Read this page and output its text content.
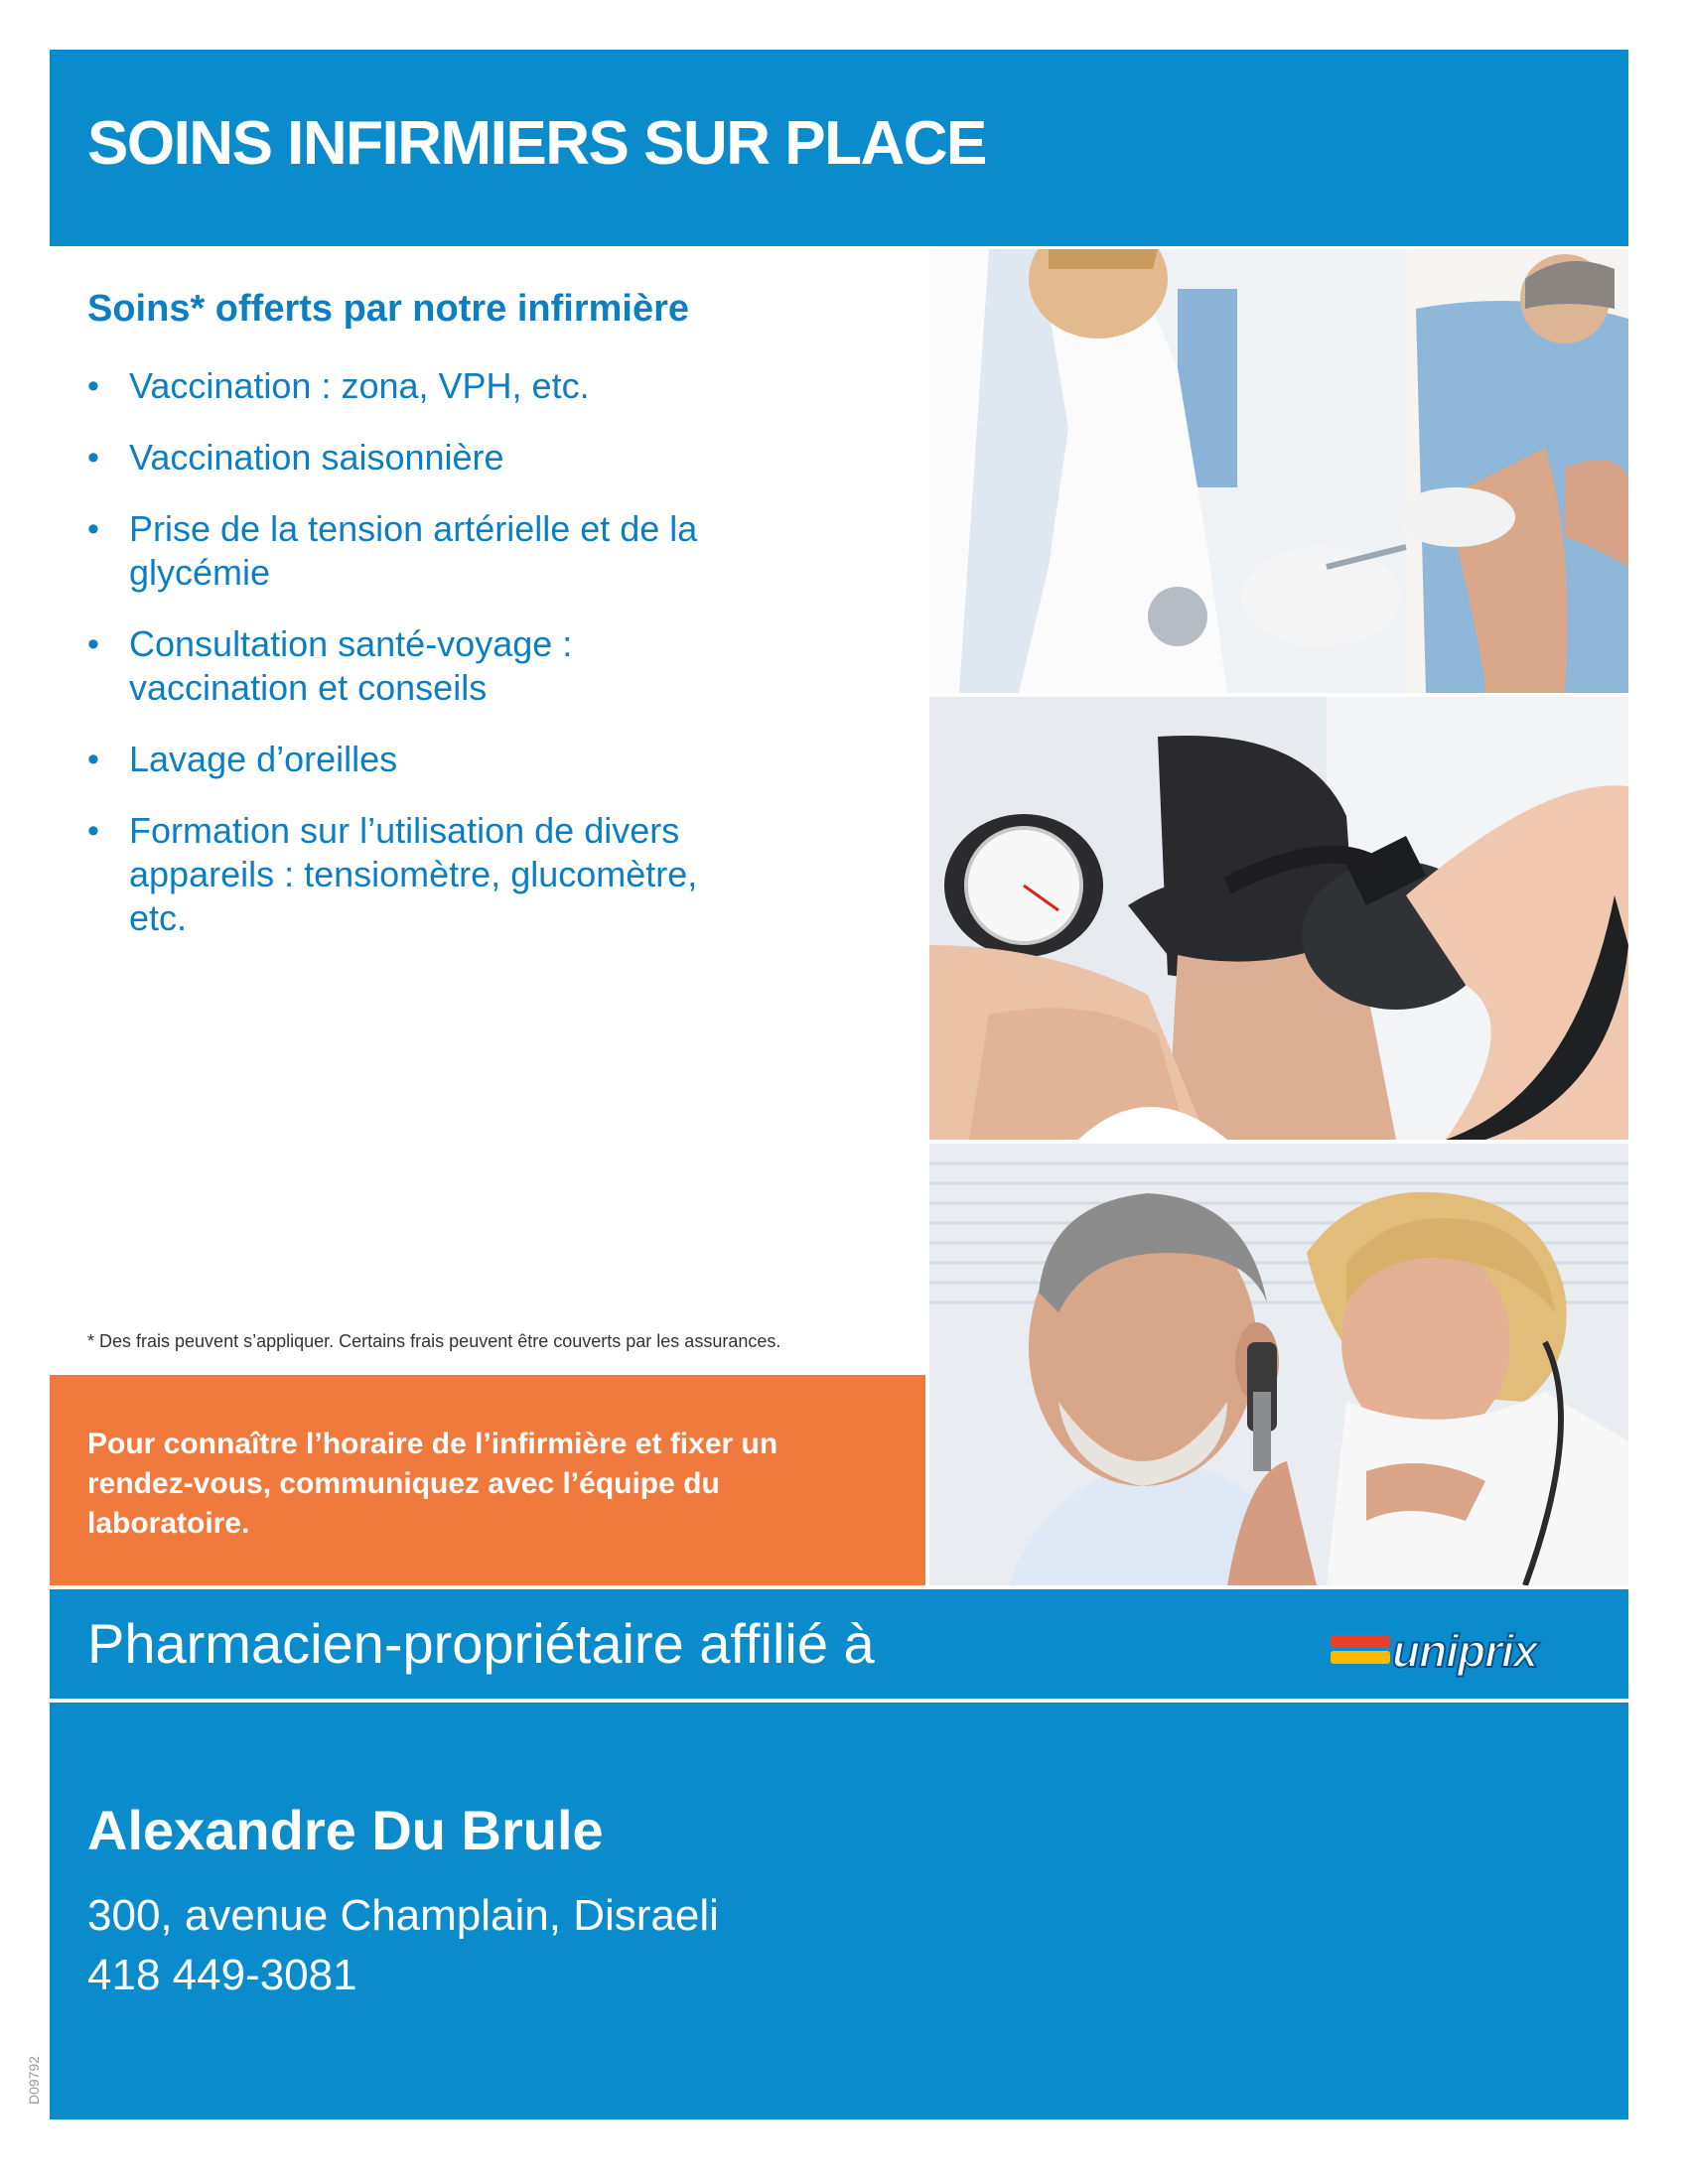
SOINS INFIRMIERS SUR PLACE
Soins* offerts par notre infirmière
• Vaccination : zona, VPH, etc.
• Vaccination saisonnière
• Prise de la tension artérielle et de la glycémie
• Consultation santé-voyage : vaccination et conseils
• Lavage d’oreilles
• Formation sur l’utilisation de divers appareils : tensiomètre, glucomètre, etc.

* Des frais peuvent s’appliquer. Certains frais peuvent être couverts par les assurances.

Pour connaître l’horaire de l’infirmière et fixer un rendez-vous, communiquez avec l’équipe du laboratoire.

Pharmacien-propriétaire affilié à	uniprix

Alexandre Du Brule

300, avenue Champlain, Disraeli

418 449-3081

D09792
